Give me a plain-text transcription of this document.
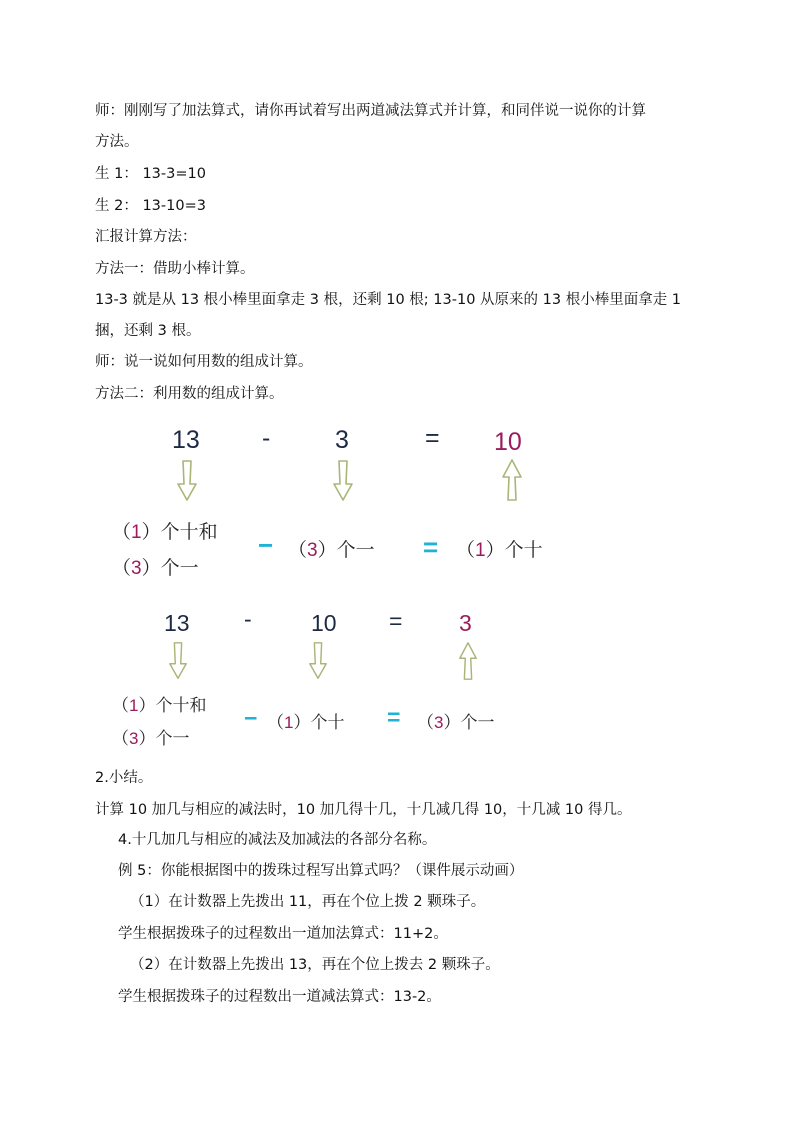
师：刚刚写了加法算式，请你再试着写出两道减法算式并计算，和同伴说一说你的计算
方法。
生 1： 13-3=10
生 2： 13-10=3
汇报计算方法：
方法一：借助小棒计算。
13-3 就是从 13 根小棒里面拿走 3 根，还剩 10 根; 13-10 从原来的 13 根小棒里面拿走 1
捆，还剩 3 根。
师：说一说如何用数的组成计算。
方法二：利用数的组成计算。
13 -	3	= 10
（1）个十和
（3）个一
− （3）个一 = （1）个十
13 -	10 = 3
（1）个十和
（3）个一
− （1）个十 = （3）个一
2.小结。
计算 10 加几与相应的减法时，10 加几得十几，十几减几得 10，十几减 10 得几。
4.十几加几与相应的减法及加减法的各部分名称。
例 5：你能根据图中的拨珠过程写出算式吗？（课件展示动画）
（1）在计数器上先拨出 11，再在个位上拨 2 颗珠子。
学生根据拨珠子的过程数出一道加法算式：11+2。
（2）在计数器上先拨出 13，再在个位上拨去 2 颗珠子。
学生根据拨珠子的过程数出一道减法算式：13-2。
